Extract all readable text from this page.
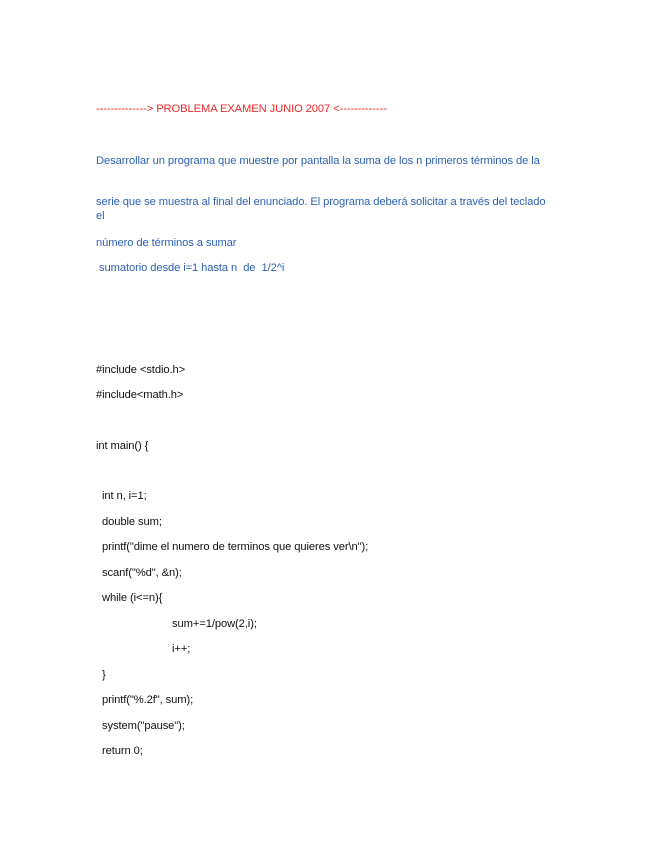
--------------> PROBLEMA EXAMEN JUNIO 2007 <-------------
Desarrollar un programa que muestre por pantalla la suma de los n primeros términos de la
serie que se muestra al final del enunciado. El programa deberá solicitar a través del teclado el
número de términos a sumar
sumatorio desde i=1 hasta n  de  1/2^i
#include <stdio.h>
#include<math.h>
int main() {
int n, i=1;
double sum;
printf("dime el numero de terminos que quieres ver\n");
scanf("%d", &n);
while (i<=n){
sum+=1/pow(2,i);
i++;
}
printf("%.2f", sum);
system("pause");
return 0;
